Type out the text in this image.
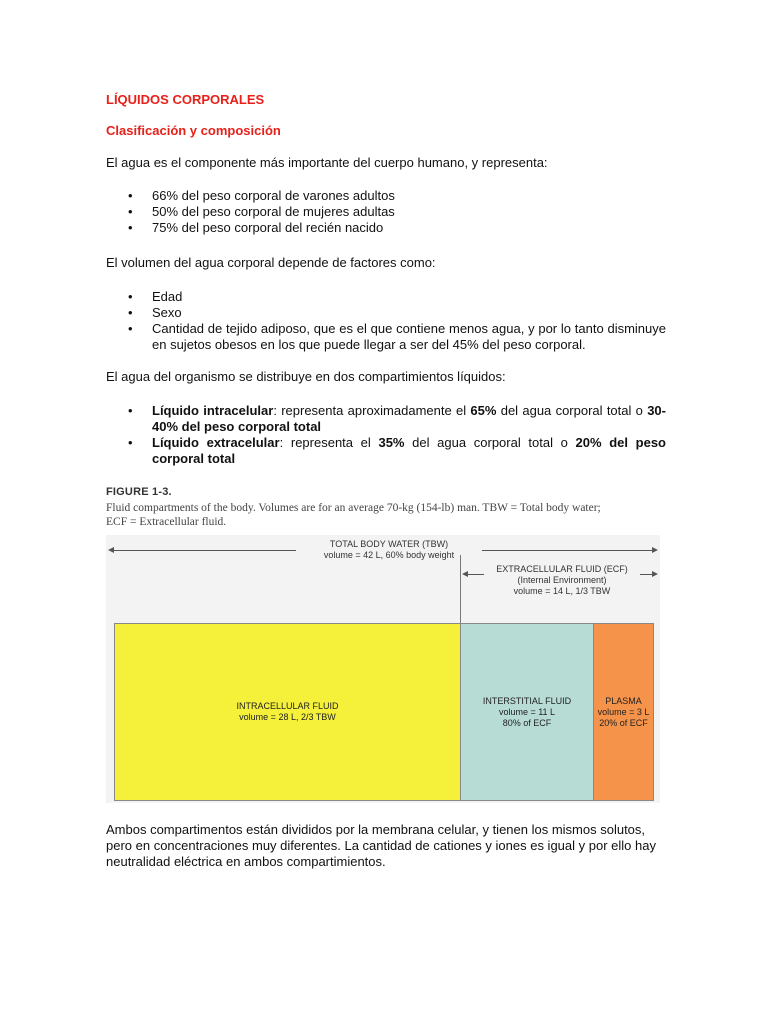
LÍQUIDOS CORPORALES
Clasificación y composición
El agua es el componente más importante del cuerpo humano, y representa:
• 66% del peso corporal de varones adultos
• 50% del peso corporal de mujeres adultas
• 75% del peso corporal del recién nacido
El volumen del agua corporal depende de factores como:
• Edad
• Sexo
• Cantidad de tejido adiposo, que es el que contiene menos agua, y por lo tanto disminuye en sujetos obesos en los que puede llegar a ser del 45% del peso corporal.
El agua del organismo se distribuye en dos compartimientos líquidos:
• Líquido intracelular: representa aproximadamente el 65% del agua corporal total o 30-40% del peso corporal total
• Líquido extracelular: representa el 35% del agua corporal total o 20% del peso corporal total
FIGURE 1-3.
Fluid compartments of the body. Volumes are for an average 70-kg (154-lb) man. TBW = Total body water; ECF = Extracellular fluid.
TOTAL BODY WATER (TBW)
volume = 42 L, 60% body weight
EXTRACELLULAR FLUID (ECF)
(Internal Environment)
volume = 14 L, 1/3 TBW
INTRACELLULAR FLUID
volume = 28 L, 2/3 TBW
INTERSTITIAL FLUID
volume = 11 L
80% of ECF
PLASMA
volume = 3 L
20% of ECF
Ambos compartimentos están divididos por la membrana celular, y tienen los mismos solutos, pero en concentraciones muy diferentes. La cantidad de cationes y iones es igual y por ello hay neutralidad eléctrica en ambos compartimientos.
